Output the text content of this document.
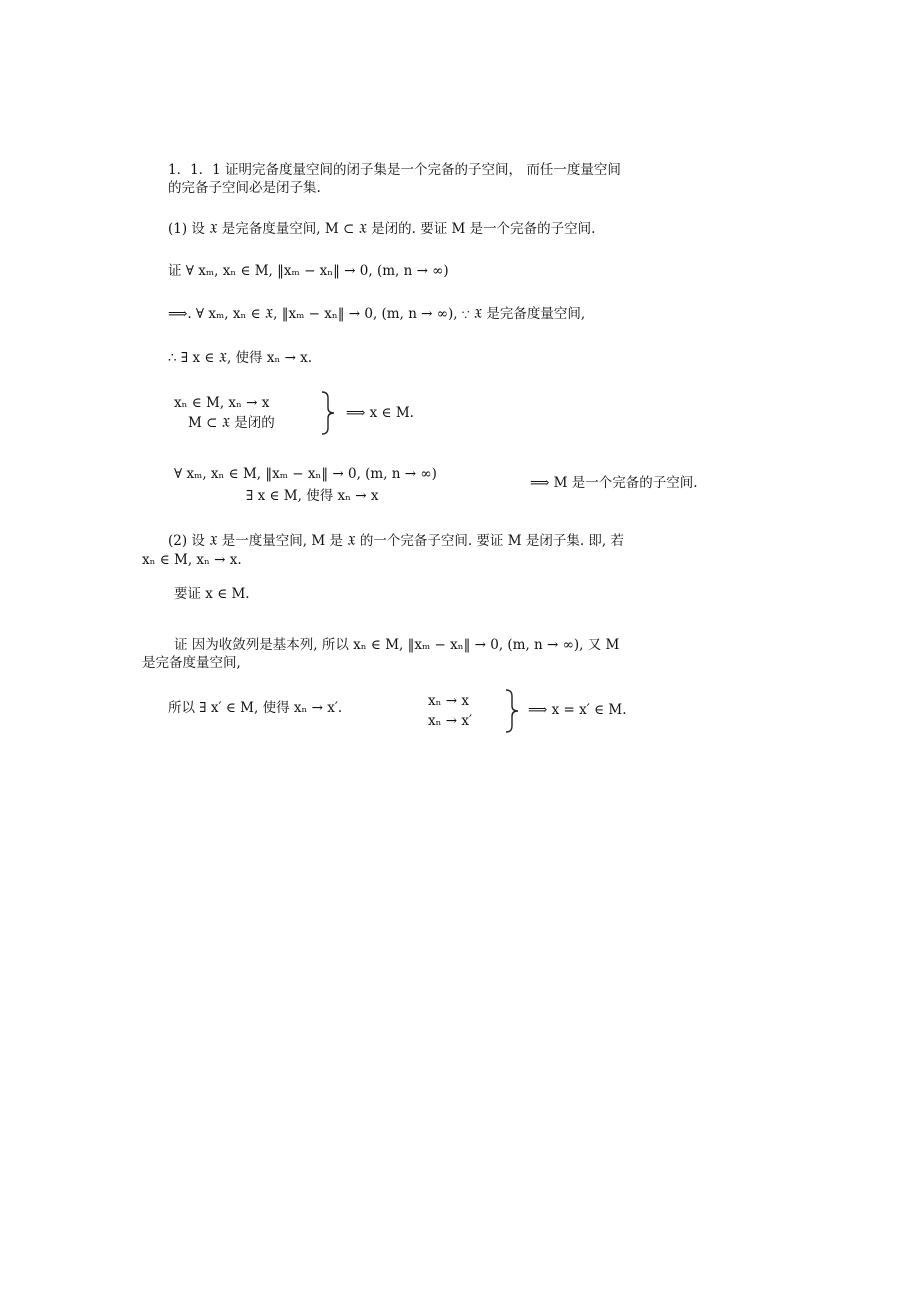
1．1．1 证明完备度量空间的闭子集是一个完备的子空间， 而任一度量空间
的完备子空间必是闭子集.
(1) 设 𝔛 是完备度量空间, M ⊂ 𝔛 是闭的. 要证 M 是一个完备的子空间.
证 ∀ xₘ, xₙ ∈ M, ‖xₘ − xₙ‖ → 0, (m, n → ∞)
⟹. ∀ xₘ, xₙ ∈ 𝔛, ‖xₘ − xₙ‖ → 0, (m, n → ∞), ∵ 𝔛 是完备度量空间,
∴ ∃ x ∈ 𝔛, 使得 xₙ → x.
xₙ ∈ M, xₙ → x
M ⊂ 𝔛 是闭的
⟹ x ∈ M.
∀ xₘ, xₙ ∈ M, ‖xₘ − xₙ‖ → 0, (m, n → ∞)
∃ x ∈ M, 使得 xₙ → x
⟹ M 是一个完备的子空间.
(2) 设 𝔛 是一度量空间, M 是 𝔛 的一个完备子空间. 要证 M 是闭子集. 即, 若
xₙ ∈ M, xₙ → x.
要证 x ∈ M.
证 因为收敛列是基本列, 所以 xₙ ∈ M, ‖xₘ − xₙ‖ → 0, (m, n → ∞), 又 M
是完备度量空间,
所以 ∃ x′ ∈ M, 使得 xₙ → x′.	xₙ → x
xₙ → x′
⟹ x = x′ ∈ M.
